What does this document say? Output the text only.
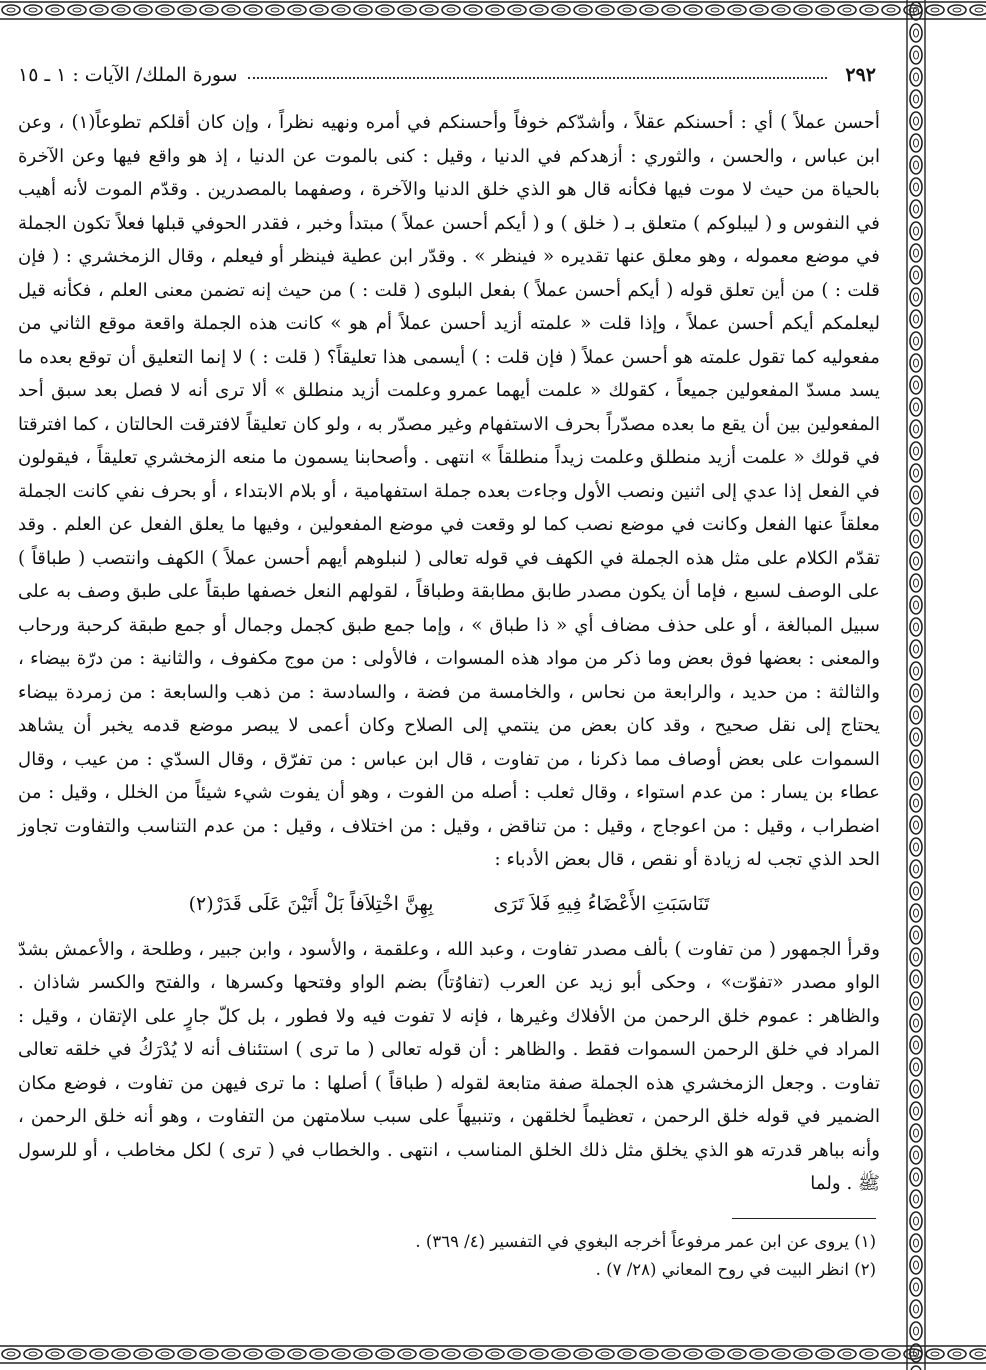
٢٩٢
سورة الملك/ الآيات : ١ ـ ١٥

أحسن عملاً ) أي : أحسنكم عقلاً ، وأشدّكم خوفاً وأحسنكم في أمره ونهيه نظراً ، وإن كان أقلكم تطوعاً(١) ، وعن ابن عباس ، والحسن ، والثوري : أزهدكم في الدنيا ، وقيل : كنى بالموت عن الدنيا ، إذ هو واقع فيها وعن الآخرة بالحياة من حيث لا موت فيها فكأنه قال هو الذي خلق الدنيا والآخرة ، وصفهما بالمصدرين . وقدّم الموت لأنه أهيب في النفوس و ( ليبلوكم ) متعلق بـ ( خلق ) و ( أيكم أحسن عملاً ) مبتدأ وخبر ، فقدر الحوفي قبلها فعلاً تكون الجملة في موضع معموله ، وهو معلق عنها تقديره « فينظر » . وقدّر ابن عطية فينظر أو فيعلم ، وقال الزمخشري : ( فإن قلت : ) من أين تعلق قوله ( أيكم أحسن عملاً ) بفعل البلوى ( قلت : ) من حيث إنه تضمن معنى العلم ، فكأنه قيل ليعلمكم أيكم أحسن عملاً ، وإذا قلت « علمته أزيد أحسن عملاً أم هو » كانت هذه الجملة واقعة موقع الثاني من مفعوليه كما تقول علمته هو أحسن عملاً ( فإن قلت : ) أيسمى هذا تعليقاً؟ ( قلت : ) لا إنما التعليق أن توقع بعده ما يسد مسدّ المفعولين جميعاً ، كقولك « علمت أيهما عمرو وعلمت أزيد منطلق » ألا ترى أنه لا فصل بعد سبق أحد المفعولين بين أن يقع ما بعده مصدّراً بحرف الاستفهام وغير مصدّر به ، ولو كان تعليقاً لافترقت الحالتان ، كما افترقتا في قولك « علمت أزيد منطلق وعلمت زيداً منطلقاً » انتهى . وأصحابنا يسمون ما منعه الزمخشري تعليقاً ، فيقولون في الفعل إذا عدي إلى اثنين ونصب الأول وجاءت بعده جملة استفهامية ، أو بلام الابتداء ، أو بحرف نفي كانت الجملة معلقاً عنها الفعل وكانت في موضع نصب كما لو وقعت في موضع المفعولين ، وفيها ما يعلق الفعل عن العلم . وقد تقدّم الكلام على مثل هذه الجملة في الكهف في قوله تعالى ( لنبلوهم أيهم أحسن عملاً ) الكهف وانتصب ( طباقاً ) على الوصف لسبع ، فإما أن يكون مصدر طابق مطابقة وطباقاً ، لقولهم النعل خصفها طبقاً على طبق وصف به على سبيل المبالغة ، أو على حذف مضاف أي « ذا طباق » ، وإما جمع طبق كجمل وجمال أو جمع طبقة كرحبة ورحاب والمعنى : بعضها فوق بعض وما ذكر من مواد هذه المسوات ، فالأولى : من موج مكفوف ، والثانية : من درّة بيضاء ، والثالثة : من حديد ، والرابعة من نحاس ، والخامسة من فضة ، والسادسة : من ذهب والسابعة : من زمردة بيضاء يحتاج إلى نقل صحيح ، وقد كان بعض من ينتمي إلى الصلاح وكان أعمى لا يبصر موضع قدمه يخبر أن يشاهد السموات على بعض أوصاف مما ذكرنا ، من تفاوت ، قال ابن عباس : من تفرّق ، وقال السدّي : من عيب ، وقال عطاء بن يسار : من عدم استواء ، وقال ثعلب : أصله من الفوت ، وهو أن يفوت شيء شيئاً من الخلل ، وقيل : من اضطراب ، وقيل : من اعوجاج ، وقيل : من تناقض ، وقيل : من اختلاف ، وقيل : من عدم التناسب والتفاوت تجاوز الحد الذي تجب له زيادة أو نقص ، قال بعض الأدباء :

تَنَاسَبَتِ الأَعْضَاءُ فِيهِ فَلاَ تَرَى
بِهِنَّ اخْتِلاَفاً بَلْ أَتَيْنَ عَلَى قَدَرْ(٢)

وقرأ الجمهور ( من تفاوت ) بألف مصدر تفاوت ، وعبد الله ، وعلقمة ، والأسود ، وابن جبير ، وطلحة ، والأعمش بشدّ الواو مصدر «تفوّت» ، وحكى أبو زيد عن العرب (تفاوُتاً) بضم الواو وفتحها وكسرها ، والفتح والكسر شاذان . والظاهر : عموم خلق الرحمن من الأفلاك وغيرها ، فإنه لا تفوت فيه ولا فطور ، بل كلّ جارٍ على الإتقان ، وقيل : المراد في خلق الرحمن السموات فقط . والظاهر : أن قوله تعالى ( ما ترى ) استئناف أنه لا يُدْرَكُ في خلقه تعالى تفاوت . وجعل الزمخشري هذه الجملة صفة متابعة لقوله ( طباقاً ) أصلها : ما ترى فيهن من تفاوت ، فوضع مكان الضمير في قوله خلق الرحمن ، تعظيماً لخلقهن ، وتنبيهاً على سبب سلامتهن من التفاوت ، وهو أنه خلق الرحمن ، وأنه بباهر قدرته هو الذي يخلق مثل ذلك الخلق المناسب ، انتهى . والخطاب في ( ترى ) لكل مخاطب ، أو للرسول ﷺ . ولما

(١) يروى عن ابن عمر مرفوعاً أخرجه البغوي في التفسير (٤/ ٣٦٩) .
(٢) انظر البيت في روح المعاني (٢٨/ ٧) .
